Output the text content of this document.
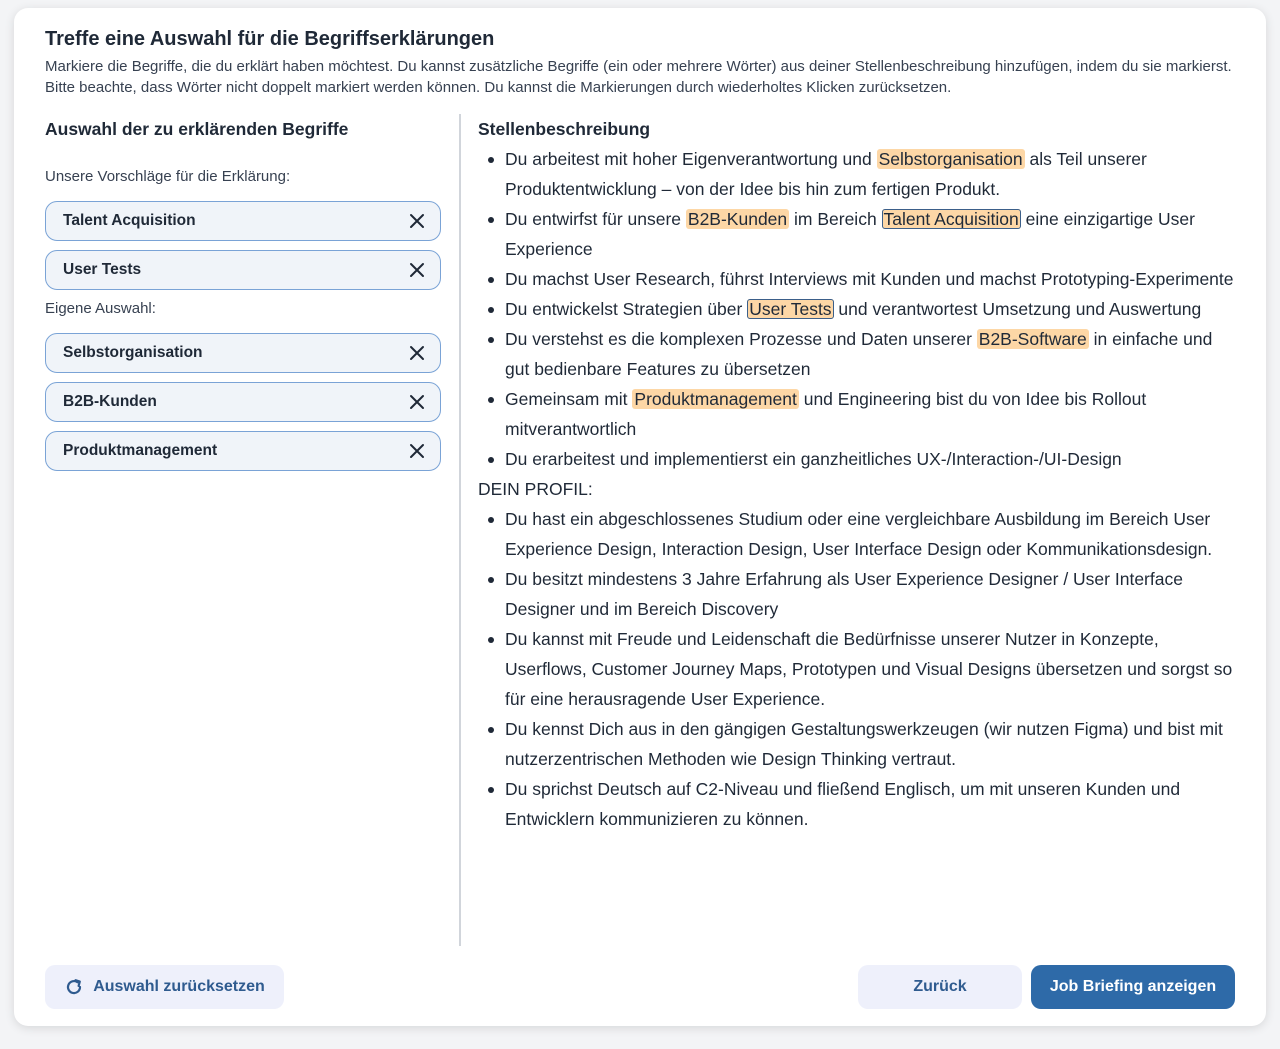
Treffe eine Auswahl für die Begriffserklärungen

Markiere die Begriffe, die du erklärt haben möchtest. Du kannst zusätzliche Begriffe (ein oder mehrere Wörter) aus deiner Stellenbeschreibung hinzufügen, indem du sie markierst. Bitte beachte, dass Wörter nicht doppelt markiert werden können. Du kannst die Markierungen durch wiederholtes Klicken zurücksetzen.

Auswahl der zu erklärenden Begriffe

Unsere Vorschläge für die Erklärung:

Talent Acquisition
User Tests

Eigene Auswahl:

Selbstorganisation
B2B-Kunden
Produktmanagement
Stellenbeschreibung
Du arbeitest mit hoher Eigenverantwortung und Selbstorganisation als Teil unserer Produktentwicklung – von der Idee bis hin zum fertigen Produkt.
Du entwirfst für unsere B2B-Kunden im Bereich Talent Acquisition eine einzigartige User Experience
Du machst User Research, führst Interviews mit Kunden und machst Prototyping-Experimente
Du entwickelst Strategien über User Tests und verantwortest Umsetzung und Auswertung
Du verstehst es die komplexen Prozesse und Daten unserer B2B-Software in einfache und gut bedienbare Features zu übersetzen
Gemeinsam mit Produktmanagement und Engineering bist du von Idee bis Rollout mitverantwortlich
Du erarbeitest und implementierst ein ganzheitliches UX-/Interaction-/UI-Design

DEIN PROFIL:

Du hast ein abgeschlossenes Studium oder eine vergleichbare Ausbildung im Bereich User Experience Design, Interaction Design, User Interface Design oder Kommunikationsdesign.
Du besitzt mindestens 3 Jahre Erfahrung als User Experience Designer / User Interface Designer und im Bereich Discovery
Du kannst mit Freude und Leidenschaft die Bedürfnisse unserer Nutzer in Konzepte, Userflows, Customer Journey Maps, Prototypen und Visual Designs übersetzen und sorgst so für eine herausragende User Experience.
Du kennst Dich aus in den gängigen Gestaltungswerkzeugen (wir nutzen Figma) und bist mit nutzerzentrischen Methoden wie Design Thinking vertraut.
Du sprichst Deutsch auf C2-Niveau und fließend Englisch, um mit unseren Kunden und Entwicklern kommunizieren zu können.
Auswahl zurücksetzen	Zurück	Job Briefing anzeigen
